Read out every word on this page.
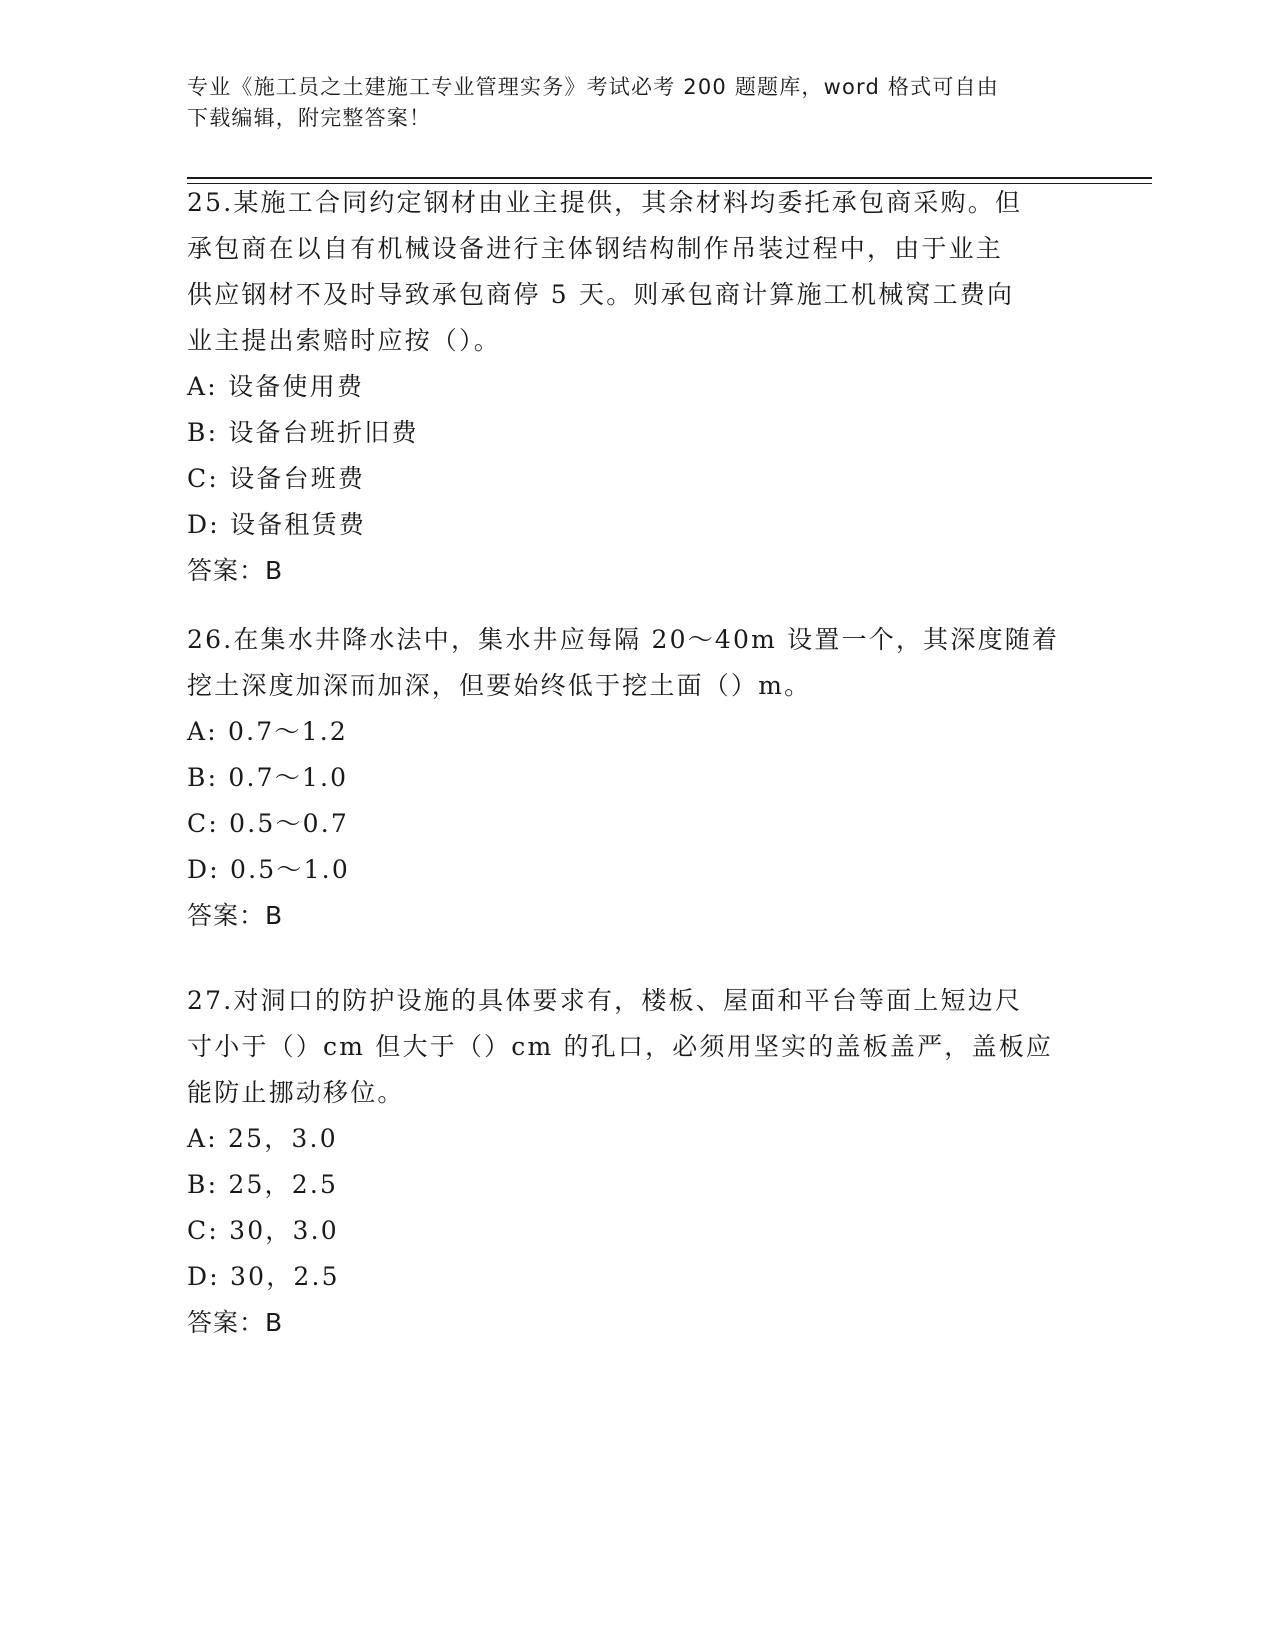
专业《施工员之土建施工专业管理实务》考试必考 200 题题库，word 格式可自由
下载编辑，附完整答案！

25.某施工合同约定钢材由业主提供，其余材料均委托承包商采购。但

承包商在以自有机械设备进行主体钢结构制作吊装过程中，由于业主

供应钢材不及时导致承包商停 5 天。则承包商计算施工机械窝工费向

业主提出索赔时应按（）。

A: 设备使用费

B: 设备台班折旧费

C: 设备台班费

D: 设备租赁费

答案：B

26.在集水井降水法中，集水井应每隔 20～40m 设置一个，其深度随着

挖土深度加深而加深，但要始终低于挖土面（）m。

A: 0.7～1.2

B: 0.7～1.0

C: 0.5～0.7

D: 0.5～1.0

答案：B

27.对洞口的防护设施的具体要求有，楼板、屋面和平台等面上短边尺

寸小于（）cm 但大于（）cm 的孔口，必须用坚实的盖板盖严，盖板应

能防止挪动移位。

A: 25，3.0

B: 25，2.5

C: 30，3.0

D: 30，2.5

答案：B
